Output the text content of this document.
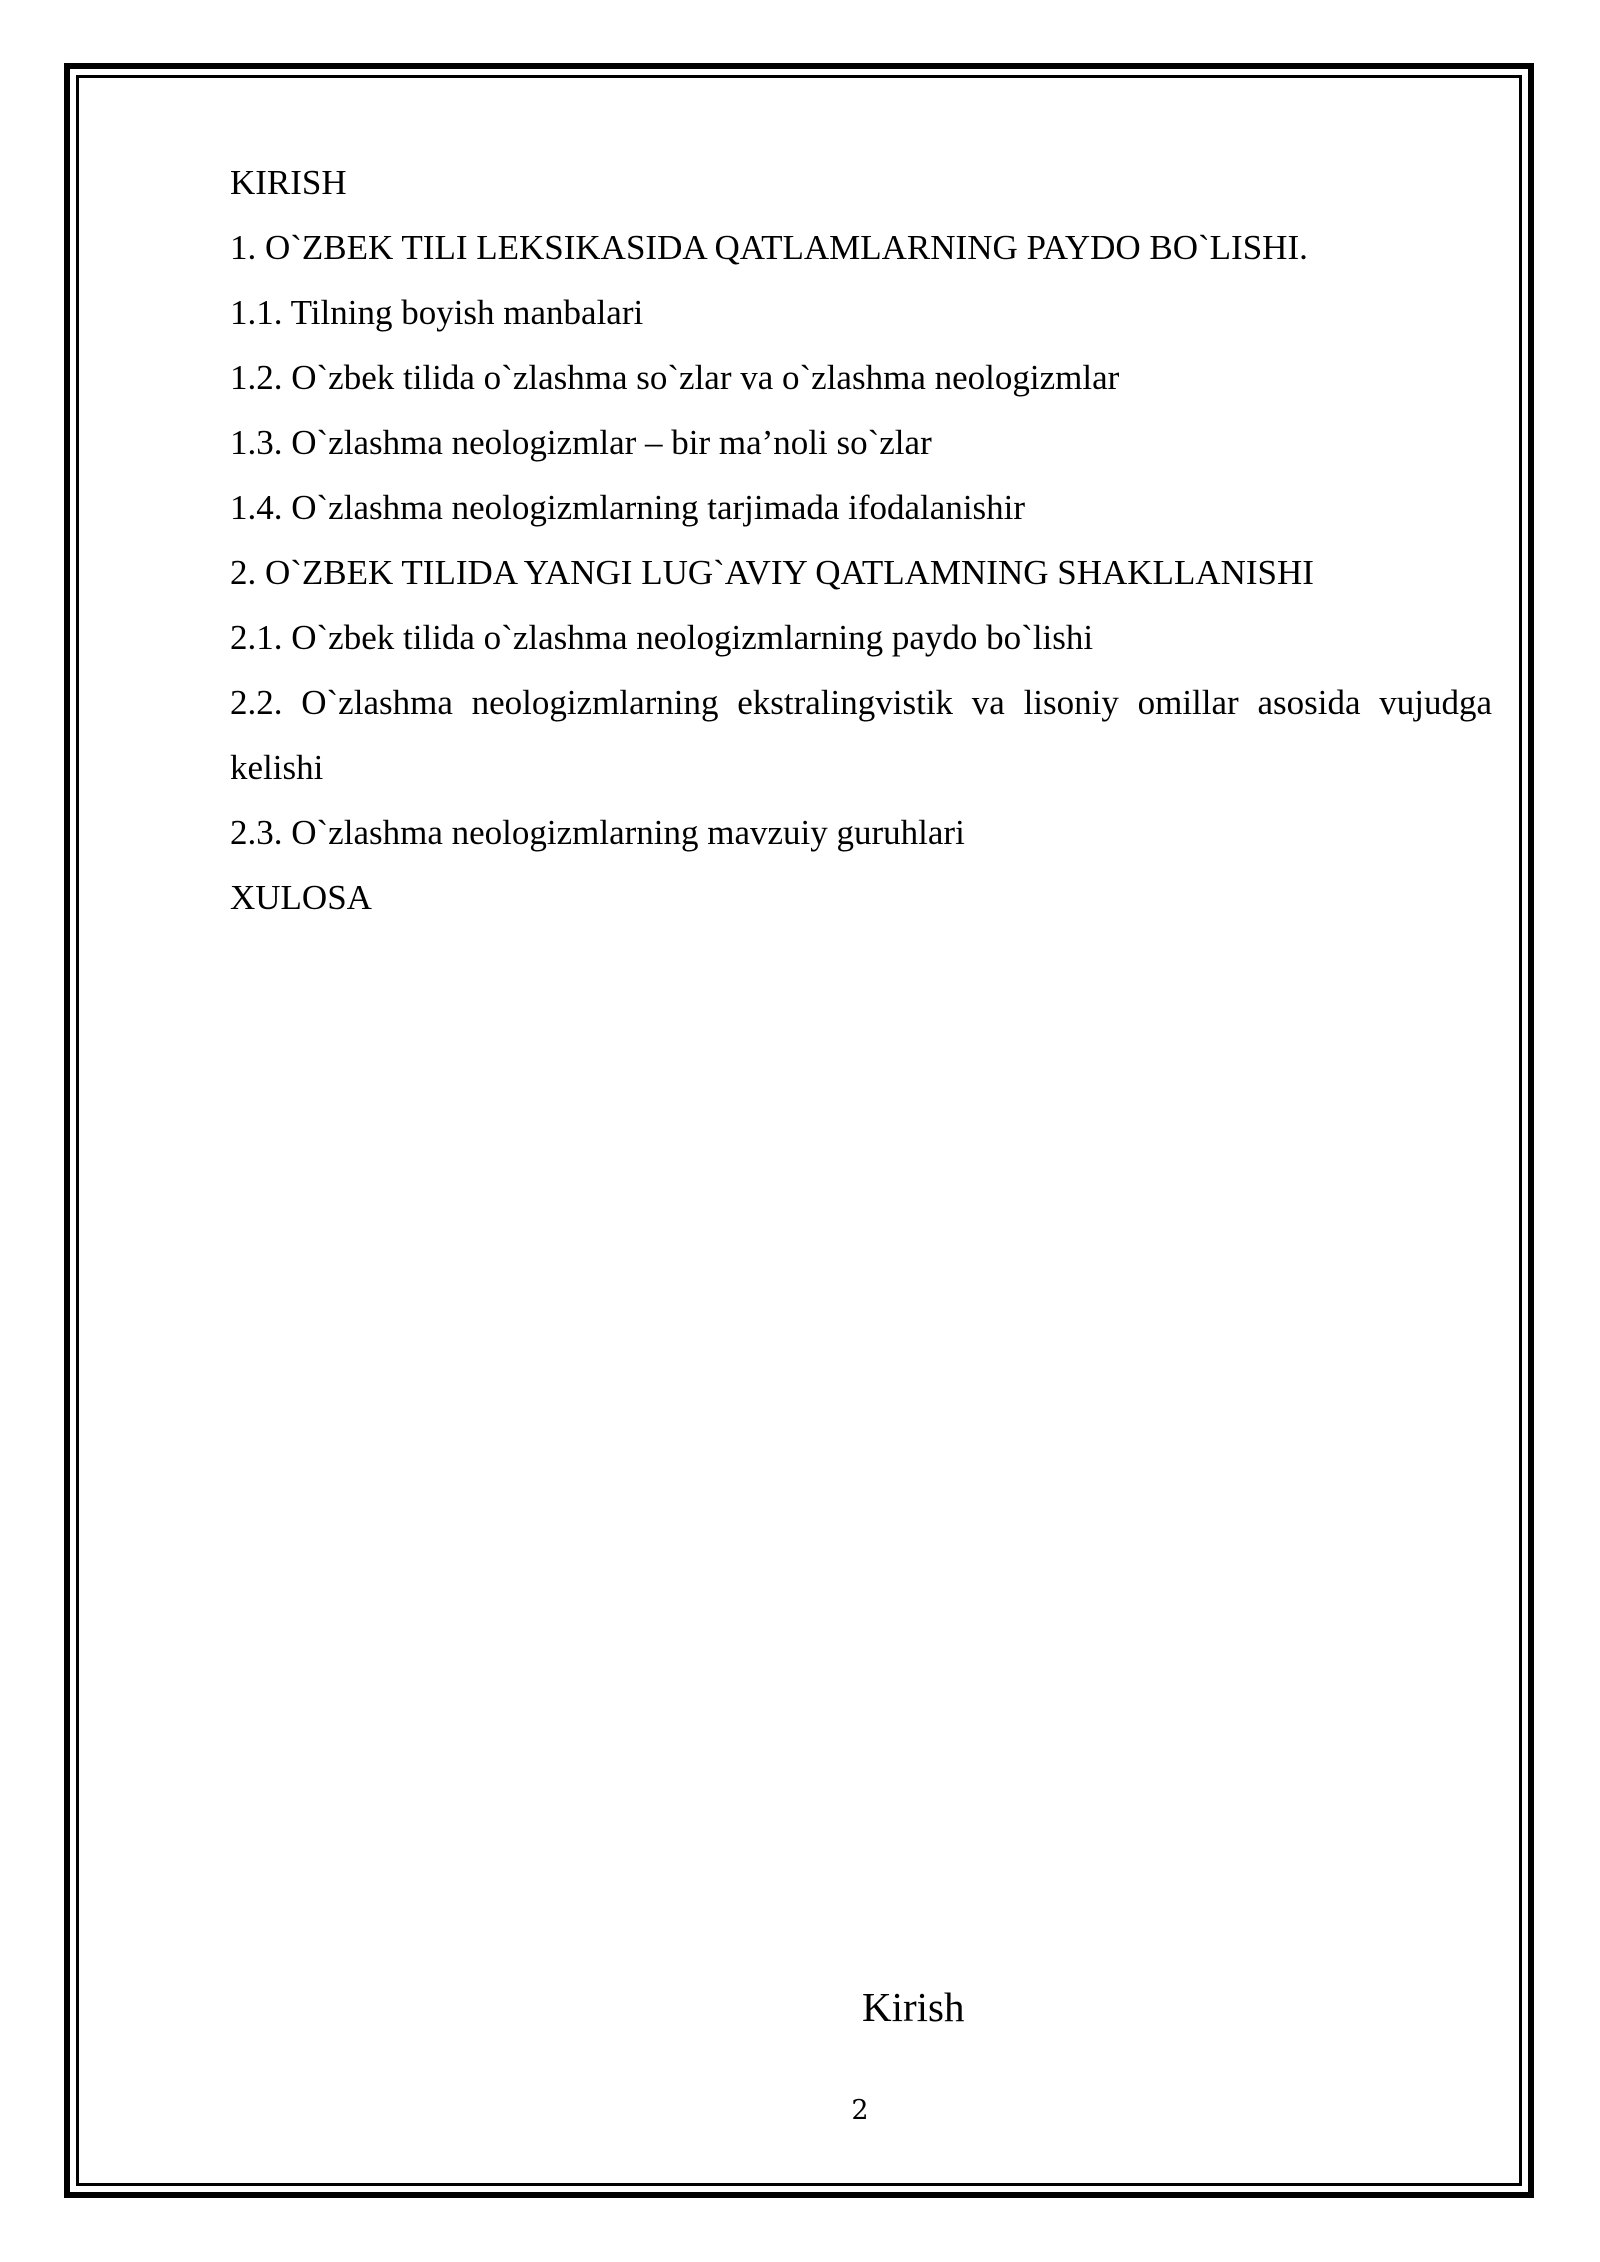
KIRISH

1. O`ZBEK TILI LEKSIKASIDA QATLAMLARNING PAYDO BO`LISHI.

1.1. Tilning boyish manbalari

1.2. O`zbek tilida o`zlashma so`zlar va o`zlashma neologizmlar

1.3. O`zlashma neologizmlar – bir ma’noli so`zlar

1.4. O`zlashma neologizmlarning tarjimada ifodalanishir

2. O`ZBEK TILIDA YANGI LUG`AVIY QATLAMNING SHAKLLANISHI

2.1. O`zbek tilida o`zlashma neologizmlarning paydo bo`lishi

2.2. O`zlashma neologizmlarning ekstralingvistik va lisoniy omillar asosida vujudga kelishi

2.3. O`zlashma neologizmlarning mavzuiy guruhlari

XULOSA

Kirish

2
